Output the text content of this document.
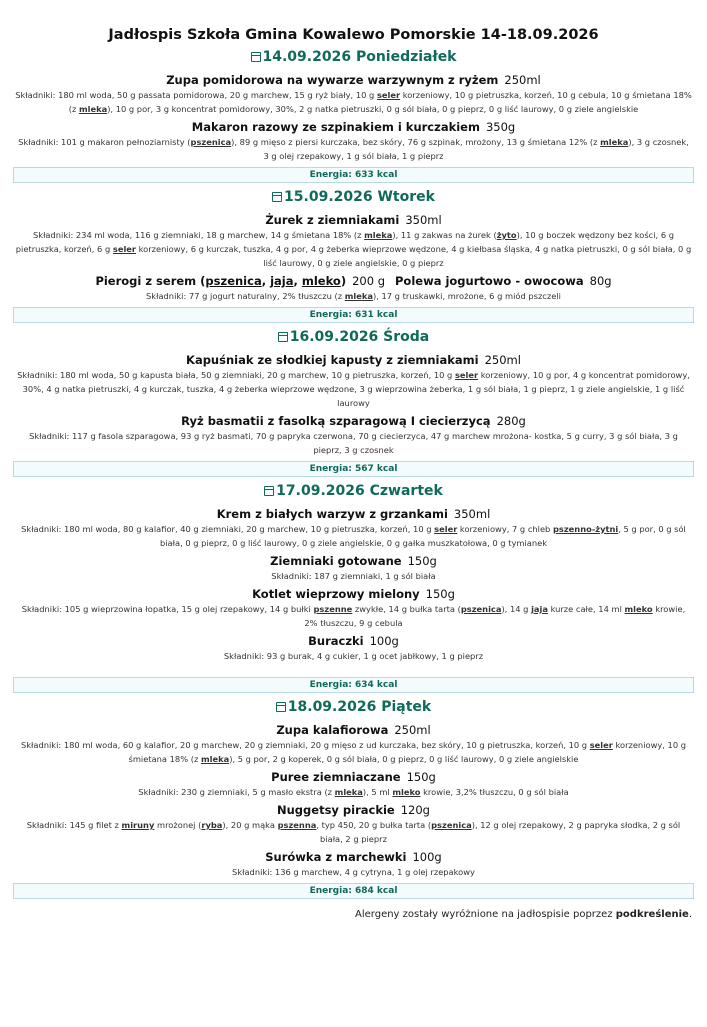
Jadłospis Szkoła Gmina Kowalewo Pomorskie 14-18.09.2026
14.09.2026 Poniedziałek
Zupa pomidorowa na wywarze warzywnym z ryżem 250ml
Składniki: 180 ml woda, 50 g passata pomidorowa, 20 g marchew, 15 g ryż biały, 10 g seler korzeniowy, 10 g pietruszka, korzeń, 10 g cebula, 10 g śmietana 18% (z mleka), 10 g por, 3 g koncentrat pomidorowy, 30%, 2 g natka pietruszki, 0 g sól biała, 0 g pieprz, 0 g liść laurowy, 0 g ziele angielskie
Makaron razowy ze szpinakiem i kurczakiem 350g
Składniki: 101 g makaron pełnoziarnisty (pszenica), 89 g mięso z piersi kurczaka, bez skóry, 76 g szpinak, mrożony, 13 g śmietana 12% (z mleka), 3 g czosnek, 3 g olej rzepakowy, 1 g sól biała, 1 g pieprz
Energia: 633 kcal
15.09.2026 Wtorek
Żurek z ziemniakami 350ml
Składniki: 234 ml woda, 116 g ziemniaki, 18 g marchew, 14 g śmietana 18% (z mleka), 11 g zakwas na żurek (żyto), 10 g boczek wędzony bez kości, 6 g pietruszka, korzeń, 6 g seler korzeniowy, 6 g kurczak, tuszka, 4 g por, 4 g żeberka wieprzowe wędzone, 4 g kiełbasa śląska, 4 g natka pietruszki, 0 g sól biała, 0 g liść laurowy, 0 g ziele angielskie, 0 g pieprz
Pierogi z serem (pszenica, jaja, mleko) 200 g Polewa jogurtowo - owocowa 80g
Składniki: 77 g jogurt naturalny, 2% tłuszczu (z mleka), 17 g truskawki, mrożone, 6 g miód pszczeli
Energia: 631 kcal
16.09.2026 Środa
Kapuśniak ze słodkiej kapusty z ziemniakami 250ml
Składniki: 180 ml woda, 50 g kapusta biała, 50 g ziemniaki, 20 g marchew, 10 g pietruszka, korzeń, 10 g seler korzeniowy, 10 g por, 4 g koncentrat pomidorowy, 30%, 4 g natka pietruszki, 4 g kurczak, tuszka, 4 g żeberka wieprzowe wędzone, 3 g wieprzowina żeberka, 1 g sól biała, 1 g pieprz, 1 g ziele angielskie, 1 g liść laurowy
Ryż basmatii z fasolką szparagową I ciecierzycą 280g
Składniki: 117 g fasola szparagowa, 93 g ryż basmati, 70 g papryka czerwona, 70 g ciecierzyca, 47 g marchew mrożona- kostka, 5 g curry, 3 g sól biała, 3 g pieprz, 3 g czosnek
Energia: 567 kcal
17.09.2026 Czwartek
Krem z białych warzyw z grzankami 350ml
Składniki: 180 ml woda, 80 g kalafior, 40 g ziemniaki, 20 g marchew, 10 g pietruszka, korzeń, 10 g seler korzeniowy, 7 g chleb pszenno-żytni, 5 g por, 0 g sól biała, 0 g pieprz, 0 g liść laurowy, 0 g ziele angielskie, 0 g gałka muszkatołowa, 0 g tymianek
Ziemniaki gotowane 150g
Składniki: 187 g ziemniaki, 1 g sól biała
Kotlet wieprzowy mielony 150g
Składniki: 105 g wieprzowina łopatka, 15 g olej rzepakowy, 14 g bułki pszenne zwykłe, 14 g bułka tarta (pszenica), 14 g jaja kurze całe, 14 ml mleko krowie, 2% tłuszczu, 9 g cebula
Buraczki 100g
Składniki: 93 g burak, 4 g cukier, 1 g ocet jabłkowy, 1 g pieprz
Energia: 634 kcal
18.09.2026 Piątek
Zupa kalafiorowa 250ml
Składniki: 180 ml woda, 60 g kalafior, 20 g marchew, 20 g ziemniaki, 20 g mięso z ud kurczaka, bez skóry, 10 g pietruszka, korzeń, 10 g seler korzeniowy, 10 g śmietana 18% (z mleka), 5 g por, 2 g koperek, 0 g sól biała, 0 g pieprz, 0 g liść laurowy, 0 g ziele angielskie
Puree ziemniaczane 150g
Składniki: 230 g ziemniaki, 5 g masło ekstra (z mleka), 5 ml mleko krowie, 3,2% tłuszczu, 0 g sól biała
Nuggetsy pirackie 120g
Składniki: 145 g filet z miruny mrożonej (ryba), 20 g mąka pszenna, typ 450, 20 g bułka tarta (pszenica), 12 g olej rzepakowy, 2 g papryka słodka, 2 g sól biała, 2 g pieprz
Surówka z marchewki 100g
Składniki: 136 g marchew, 4 g cytryna, 1 g olej rzepakowy
Energia: 684 kcal
Alergeny zostały wyróżnione na jadłospisie poprzez podkreślenie.
